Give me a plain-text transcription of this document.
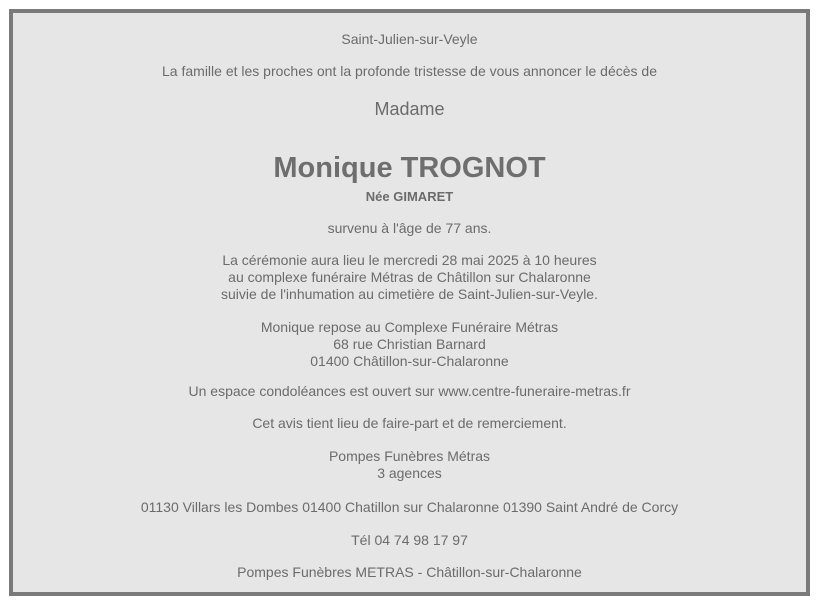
Saint-Julien-sur-Veyle
La famille et les proches ont la profonde tristesse de vous annoncer le décès de
Madame
Monique TROGNOT
Née GIMARET
survenu à l'âge de 77 ans.
La cérémonie aura lieu le mercredi 28 mai 2025 à 10 heures
au complexe funéraire Métras de Châtillon sur Chalaronne
suivie de l'inhumation au cimetière de Saint-Julien-sur-Veyle.
Monique repose au Complexe Funéraire Métras
68 rue Christian Barnard
01400 Châtillon-sur-Chalaronne
Un espace condoléances est ouvert sur www.centre-funeraire-metras.fr
Cet avis tient lieu de faire-part et de remerciement.
Pompes Funèbres Métras
3 agences
01130 Villars les Dombes 01400 Chatillon sur Chalaronne 01390 Saint André de Corcy
Tél 04 74 98 17 97
Pompes Funèbres METRAS - Châtillon-sur-Chalaronne
